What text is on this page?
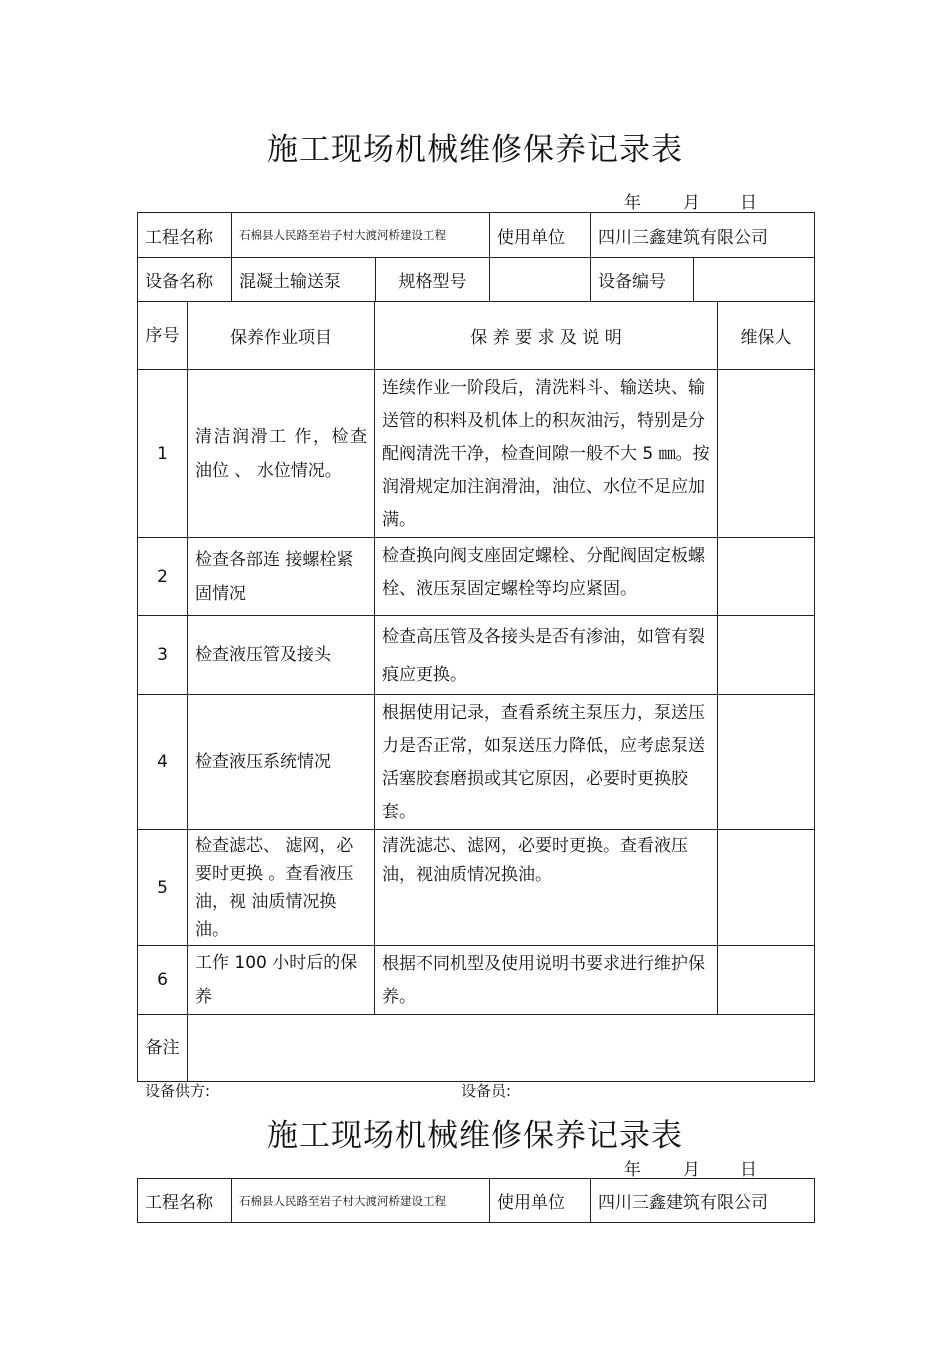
施工现场机械维修保养记录表
年 月 日
工程名称	石棉县人民路至岩子村大渡河桥建设工程		使用单位	四川三鑫建筑有限公司	
设备名称	混凝土输送泵	规格型号		设备编号	
序号	保养作业项目	保 养 要 求 及 说 明	维保人
1	清洁润滑工 作，检查油位 、 水位情况。	连续作业一阶段后，清洗料斗、输送块、输送管的积料及机体上的积灰油污，特别是分配阀清洗干净，检查间隙一般不大 5 ㎜。按润滑规定加注润滑油，油位、水位不足应加满。	
2	检查各部连 接螺栓紧固情况	检查换向阀支座固定螺栓、分配阀固定板螺栓、液压泵固定螺栓等均应紧固。	
3	检查液压管及接头	检查高压管及各接头是否有渗油，如管有裂痕应更换。	
4	检查液压系统情况	根据使用记录，查看系统主泵压力，泵送压力是否正常，如泵送压力降低，应考虑泵送活塞胶套磨损或其它原因，必要时更换胶套。	
5	检查滤芯、 滤网，必要时更换 。查看液压油，视 油质情况换油。	清洗滤芯、滤网，必要时更换。查看液压油，视油质情况换油。	
6	工作 100 小时后的保养	根据不同机型及使用说明书要求进行维护保养。	
备注			
设备供方:	设备员:
施工现场机械维修保养记录表
年 月 日
工程名称	石棉县人民路至岩子村大渡河桥建设工程	使用单位	四川三鑫建筑有限公司
